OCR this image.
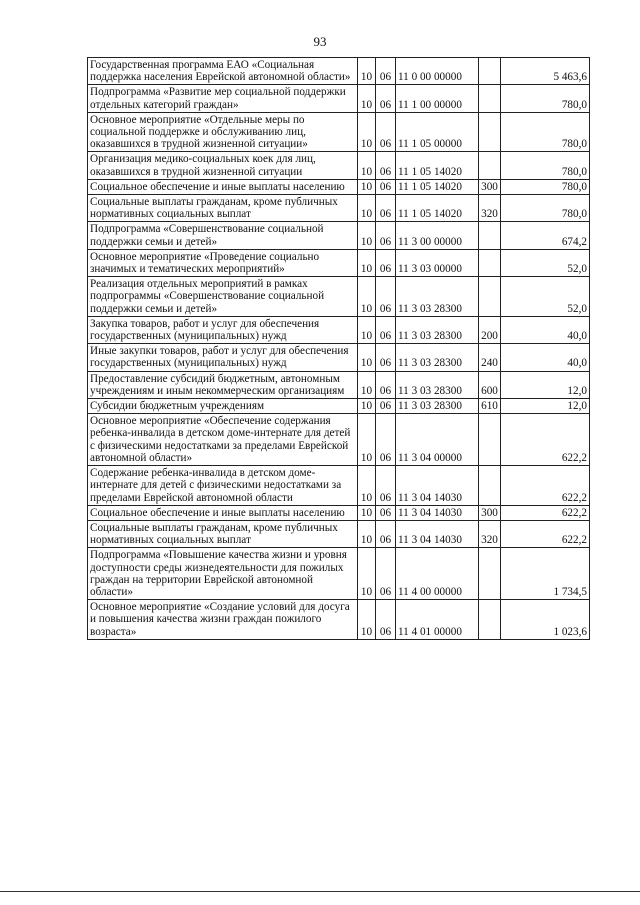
93
Государственная программа ЕАО «Социальная поддержка населения Еврейской автономной области»	10	06	11 0 00 00000		5 463,6
Подпрограмма «Развитие мер социальной поддержки отдельных категорий граждан»	10	06	11 1 00 00000		780,0
Основное мероприятие «Отдельные меры по социальной поддержке и обслуживанию лиц, оказавшихся в трудной жизненной ситуации»	10	06	11 1 05 00000		780,0
Организация медико-социальных коек для лиц, оказавшихся в трудной жизненной ситуации	10	06	11 1 05 14020		780,0
Социальное обеспечение и иные выплаты населению	10	06	11 1 05 14020	300	780,0
Социальные выплаты гражданам, кроме публичных нормативных социальных выплат	10	06	11 1 05 14020	320	780,0
Подпрограмма «Совершенствование социальной поддержки семьи и детей»	10	06	11 3 00 00000		674,2
Основное мероприятие «Проведение социально значимых и тематических мероприятий»	10	06	11 3 03 00000		52,0
Реализация отдельных мероприятий в рамках подпрограммы «Совершенствование социальной поддержки семьи и детей»	10	06	11 3 03 28300		52,0
Закупка товаров, работ и услуг для обеспечения государственных (муниципальных) нужд	10	06	11 3 03 28300	200	40,0
Иные закупки товаров, работ и услуг для обеспечения государственных (муниципальных) нужд	10	06	11 3 03 28300	240	40,0
Предоставление субсидий бюджетным, автономным учреждениям и иным некоммерческим организациям	10	06	11 3 03 28300	600	12,0
Субсидии бюджетным учреждениям	10	06	11 3 03 28300	610	12,0
Основное мероприятие «Обеспечение содержания ребенка-инвалида в детском доме-интернате для детей с физическими недостатками за пределами Еврейской автономной области»	10	06	11 3 04 00000		622,2
Содержание ребенка-инвалида в детском доме-интернате для детей с физическими недостатками за пределами Еврейской автономной области	10	06	11 3 04 14030		622,2
Социальное обеспечение и иные выплаты населению	10	06	11 3 04 14030	300	622,2
Социальные выплаты гражданам, кроме публичных нормативных социальных выплат	10	06	11 3 04 14030	320	622,2
Подпрограмма «Повышение качества жизни и уровня доступности среды жизнедеятельности для пожилых граждан на территории Еврейской автономной области»	10	06	11 4 00 00000		1 734,5
Основное мероприятие «Создание условий для досуга и повышения качества жизни граждан пожилого возраста»	10	06	11 4 01 00000		1 023,6
